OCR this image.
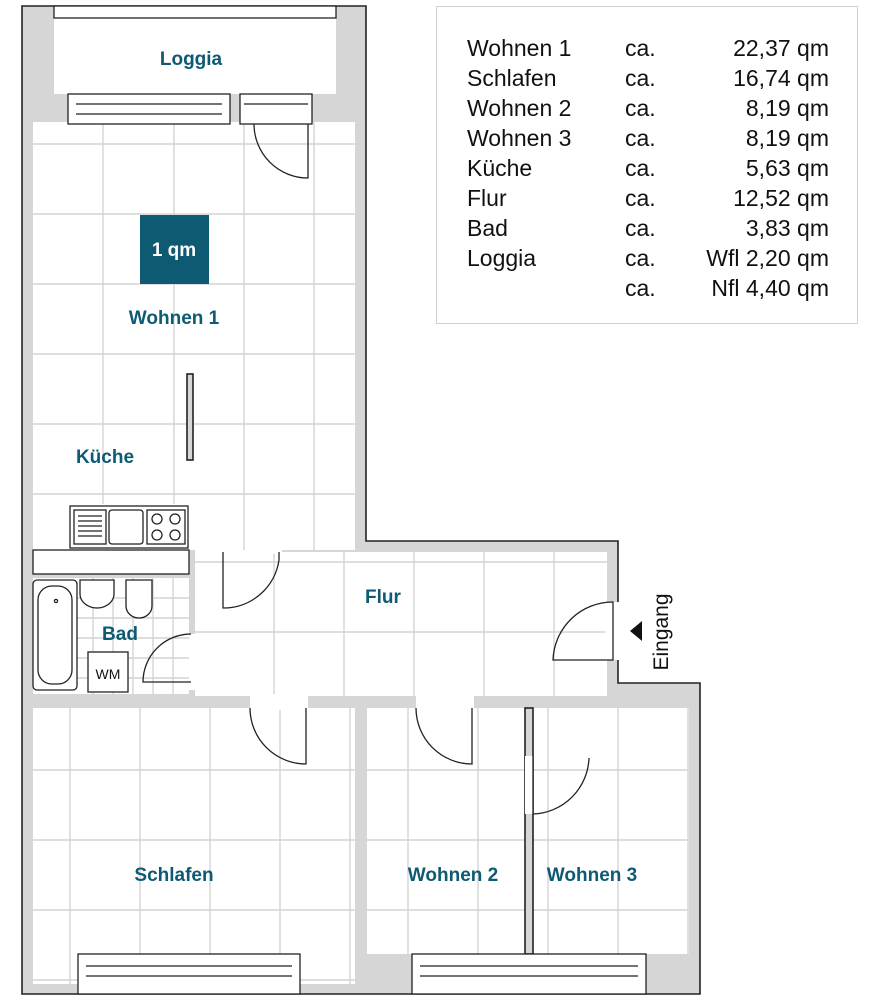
1 qm
Loggia
Wohnen 1
Küche
Bad
Flur
Schlafen	Wohnen 2	Wohnen 3
WM
Eingang
Wohnen 1 ca.	22,37 qm
Schlafen	ca.	16,74 qm
Wohnen 2 ca.	8,19 qm
Wohnen 3 ca.	8,19 qm
Küche	ca.	5,63 qm
Flur	ca.	12,52 qm
Bad	ca.	3,83 qm
Loggia	ca. Wfl 2,20 qm
ca. Nfl 4,40 qm
